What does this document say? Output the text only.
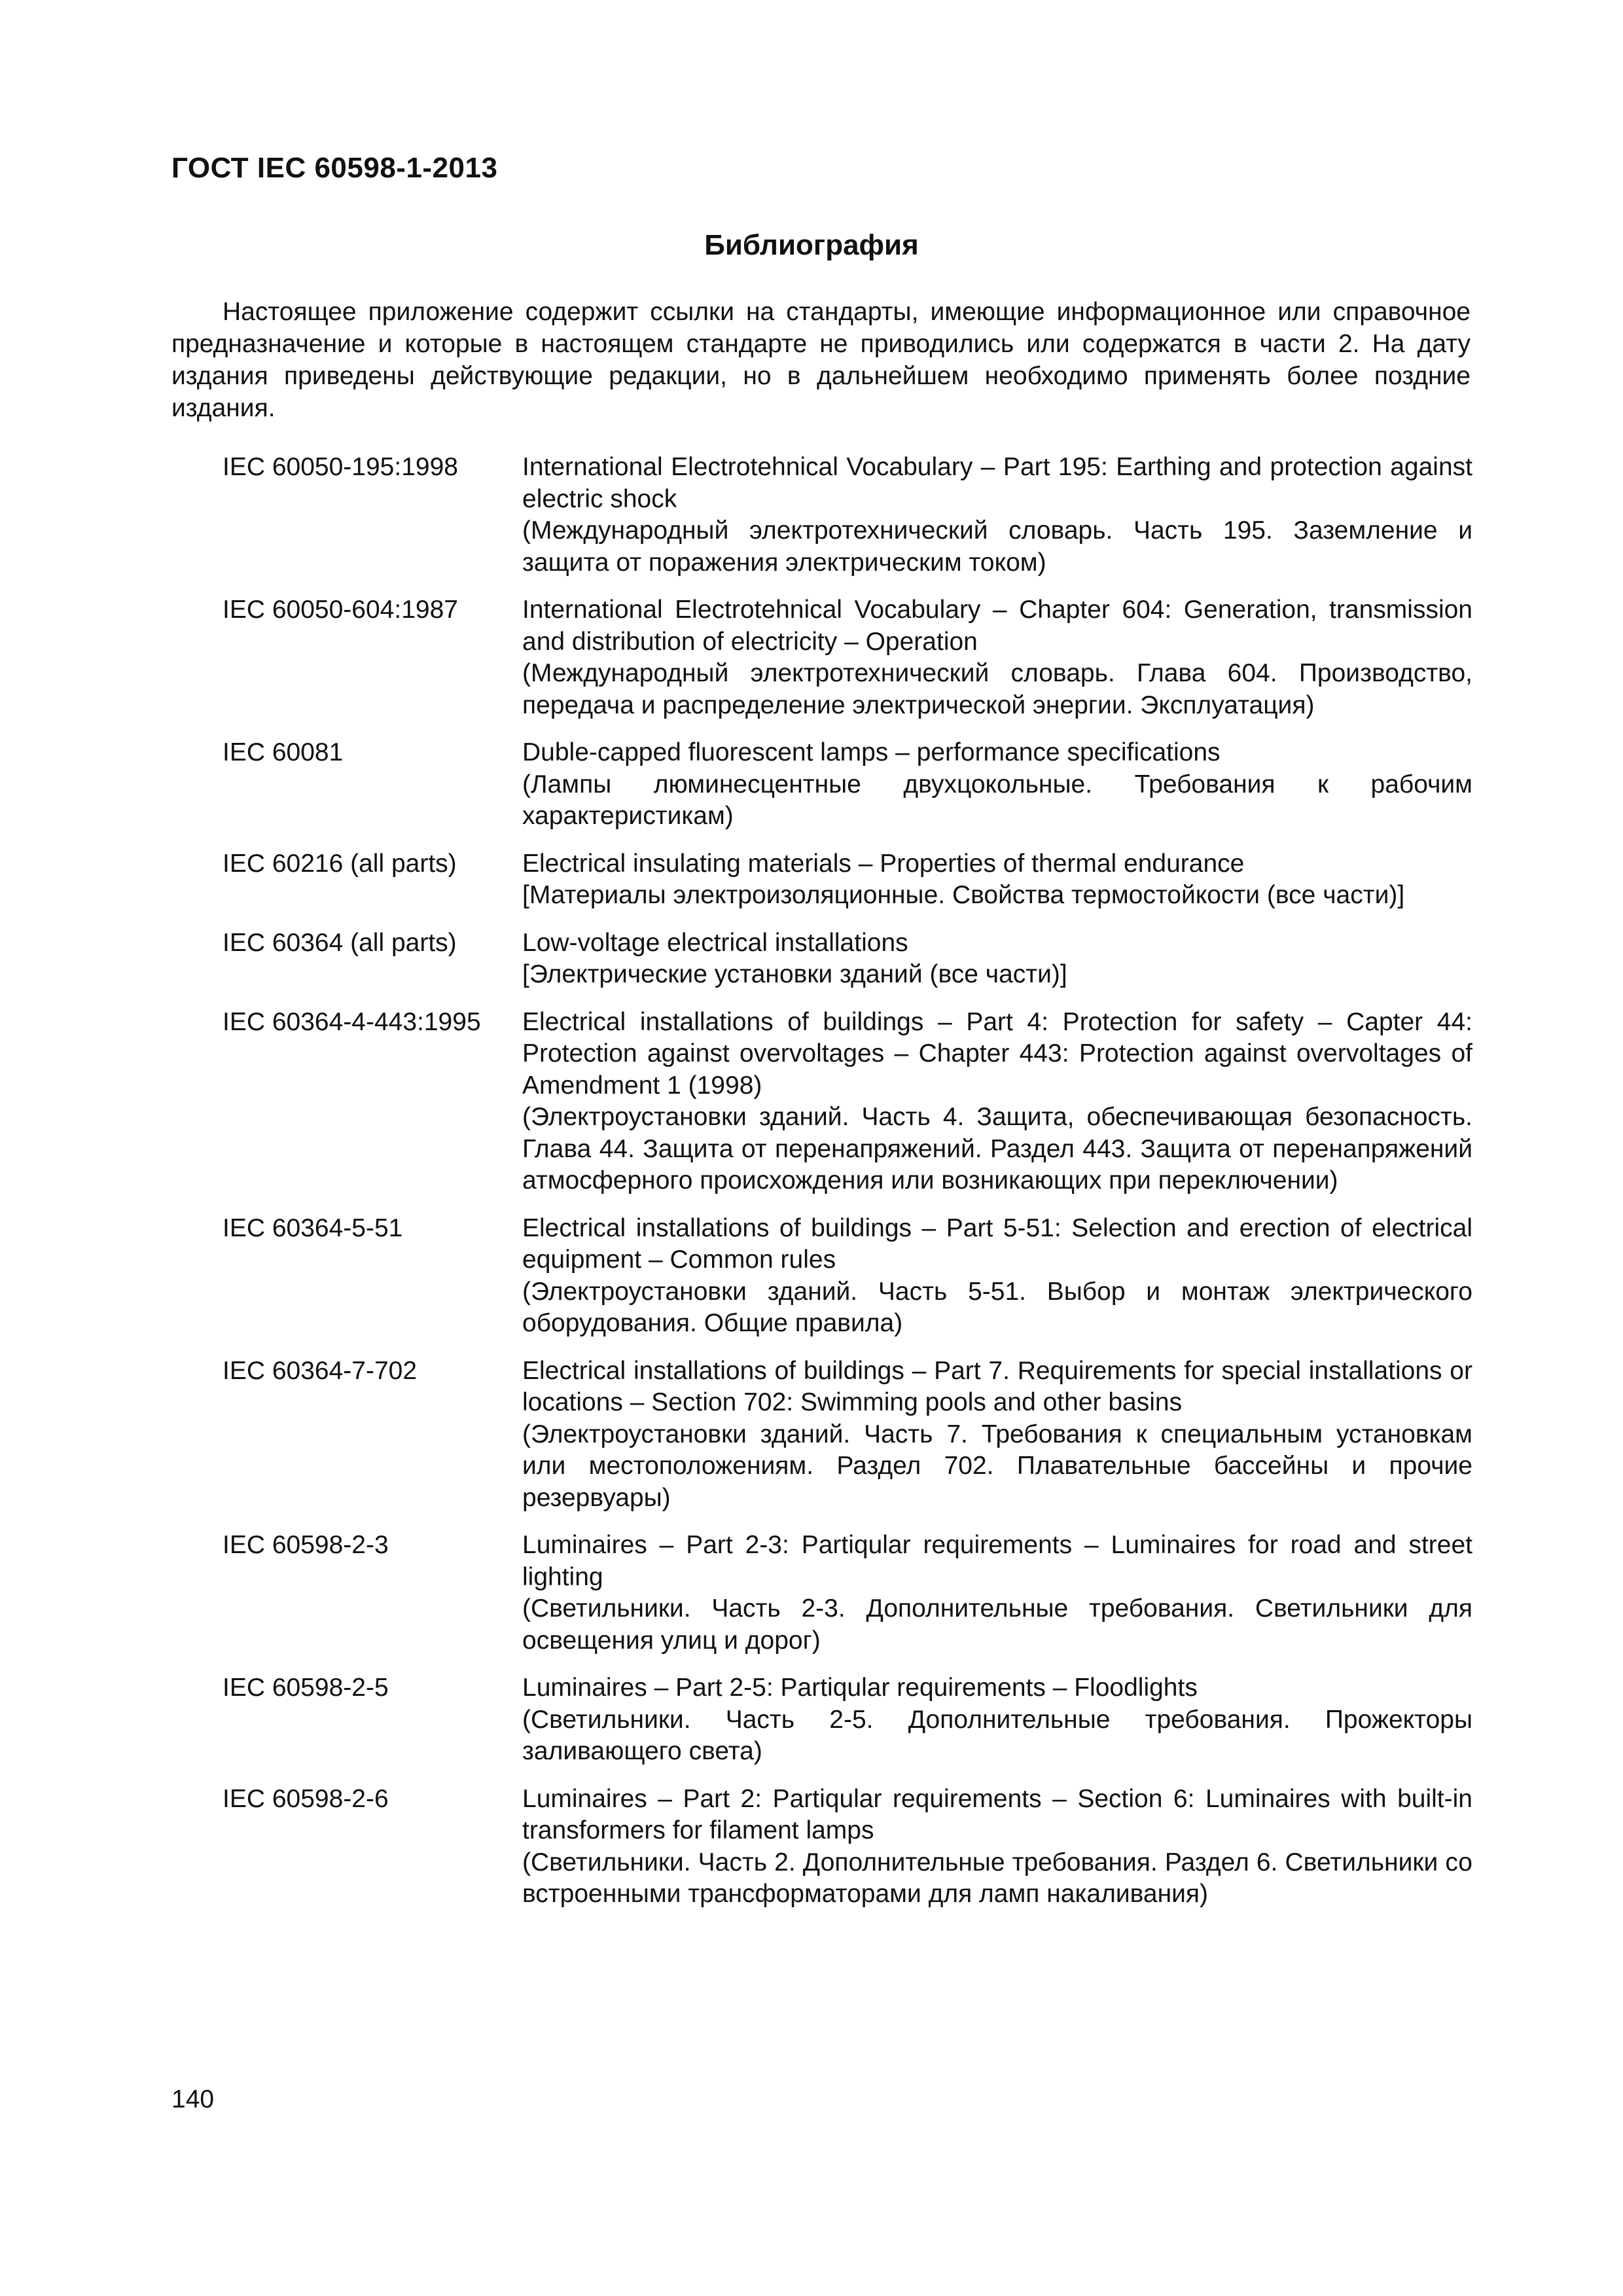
ГОСТ IEC 60598-1-2013
Библиография

Настоящее приложение содержит ссылки на стандарты, имеющие информационное или справочное предназначение и которые в настоящем стандарте не приводились или содержатся в части 2. На дату издания приведены действующие редакции, но в дальнейшем необходимо применять более поздние издания.

IEC 60050-195:1998	International Electrotehnical Vocabulary – Part 195: Earthing and protection against electric shock
(Международный электротехнический словарь. Часть 195. Заземление и защита от поражения электрическим током)
IEC 60050-604:1987	International Electrotehnical Vocabulary – Chapter 604: Generation, transmission and distribution of electricity – Operation
(Международный электротехнический словарь. Глава 604. Производство, передача и распределение электрической энергии. Эксплуатация)
IEC 60081	Duble-capped fluorescent lamps – performance specifications
(Лампы люминесцентные двухцокольные. Требования к рабочим характеристикам)
IEC 60216 (all parts)	Electrical insulating materials – Properties of thermal endurance
[Материалы электроизоляционные. Свойства термостойкости (все части)]
IEC 60364 (all parts)	Low-voltage electrical installations
[Электрические установки зданий (все части)]
IEC 60364-4-443:1995	Electrical installations of buildings – Part 4: Protection for safety – Capter 44: Protection against overvoltages – Chapter 443: Protection against overvoltages of Amendment 1 (1998)
(Электроустановки зданий. Часть 4. Защита, обеспечивающая безопасность. Глава 44. Защита от перенапряжений. Раздел 443. Защита от перенапряжений атмосферного происхождения или возникающих при переключении)
IEC 60364-5-51	Electrical installations of buildings – Part 5-51: Selection and erection of electrical equipment – Common rules
(Электроустановки зданий. Часть 5-51. Выбор и монтаж электрического оборудования. Общие правила)
IEC 60364-7-702	Electrical installations of buildings – Part 7. Requirements for special installations or locations – Section 702: Swimming pools and other basins
(Электроустановки зданий. Часть 7. Требования к специальным установкам или местоположениям. Раздел 702. Плавательные бассейны и прочие резервуары)
IEC 60598-2-3	Luminaires – Part 2-3: Partiqular requirements – Luminaires for road and street lighting
(Светильники. Часть 2-3. Дополнительные требования. Светильники для освещения улиц и дорог)
IEC 60598-2-5	Luminaires – Part 2-5: Partiqular requirements – Floodlights
(Светильники. Часть 2-5. Дополнительные требования. Прожекторы заливающего света)
IEC 60598-2-6	Luminaires – Part 2: Partiqular requirements – Section 6: Luminaires with built-in transformers for filament lamps
(Светильники. Часть 2. Дополнительные требования. Раздел 6. Светильники со встроенными трансформаторами для ламп накаливания)
140
